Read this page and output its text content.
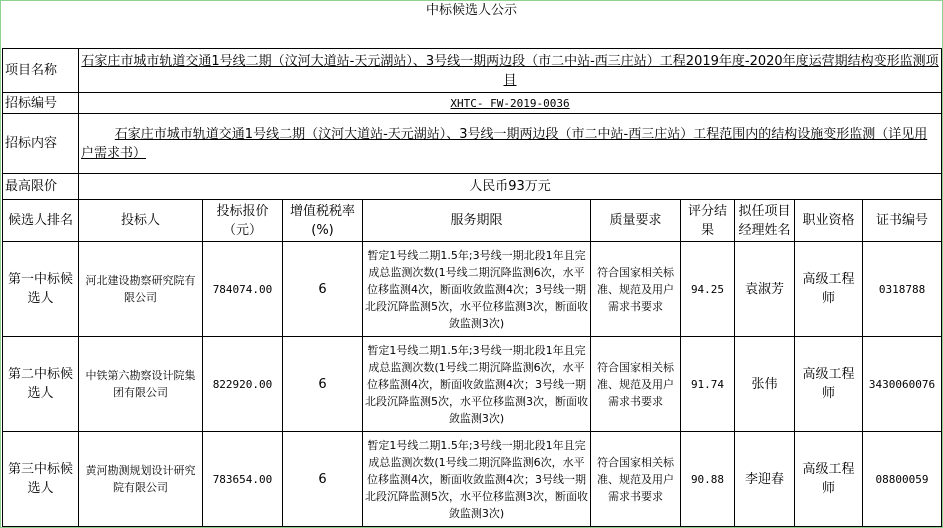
中标候选人公示
项目名称	石家庄市城市轨道交通1号线二期（汶河大道站-天元湖站）、3号线一期两边段（市二中站-西三庄站）工程2019年度-2020年度运营期结构变形监测项目								
招标编号	XHTC- FW-2019-0036								
招标内容	石家庄市城市轨道交通1号线二期（汶河大道站-天元湖站）、3号线一期两边段（市二中站-西三庄站）工程范围内的结构设施变形监测（详见用户需求书）								
最高限价	人民币93万元								
候选人排名	投标人	投标报价（元）	增值税税率(%)	服务期限	质量要求	评分结果	拟任项目经理姓名	职业资格	证书编号
第一中标候选人	河北建设勘察研究院有限公司	784074.00	6	暂定1号线二期1.5年;3号线一期北段1年且完成总监测次数(1号线二期沉降监测6次，水平位移监测4次，断面收敛监测4次；3号线一期北段沉降监测5次，水平位移监测3次，断面收敛监测3次)	符合国家相关标准、规范及用户需求书要求	94.25	袁淑芳	高级工程师	0318788
第二中标候选人	中铁第六勘察设计院集团有限公司	822920.00	6	暂定1号线二期1.5年;3号线一期北段1年且完成总监测次数(1号线二期沉降监测6次，水平位移监测4次，断面收敛监测4次；3号线一期北段沉降监测5次，水平位移监测3次，断面收敛监测3次)	符合国家相关标准、规范及用户需求书要求	91.74	张伟	高级工程师	3430060076
第三中标候选人	黄河勘测规划设计研究院有限公司	783654.00	6	暂定1号线二期1.5年;3号线一期北段1年且完成总监测次数(1号线二期沉降监测6次，水平位移监测4次，断面收敛监测4次；3号线一期北段沉降监测5次，水平位移监测3次，断面收敛监测3次)	符合国家相关标准、规范及用户需求书要求	90.88	李迎春	高级工程师	08800059
